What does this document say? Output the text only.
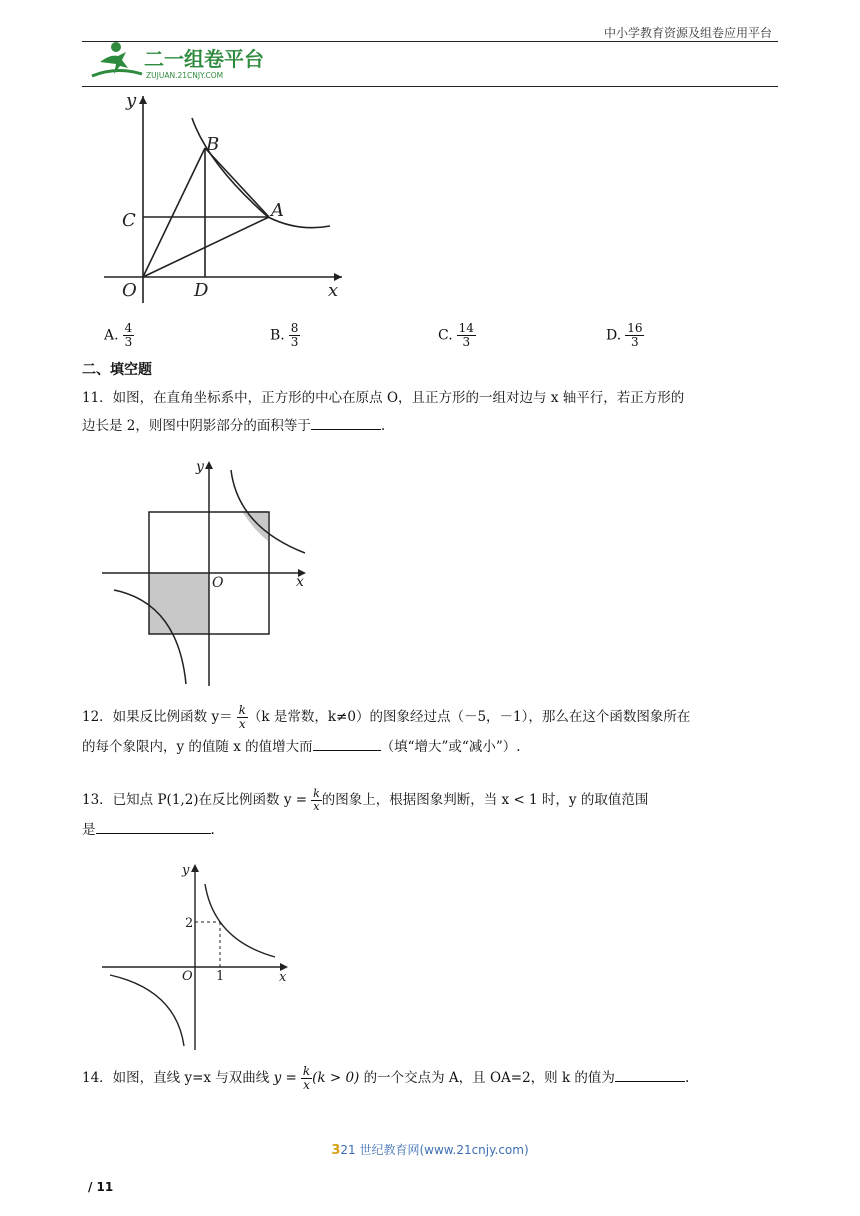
中小学教育资源及组卷应用平台
二一组卷平台
ZUJUAN.21CNJY.COM
y
x
B
A
C
O	D
A. $\frac{4}{3}$	B. $\frac{8}{3}$	C. $\frac{14}{3}$	D. $\frac{16}{3}$
二、填空题
11．如图，在直角坐标系中，正方形的中心在原点 O，且正方形的一组对边与 x 轴平行，若正方形的
边长是 2，则图中阴影部分的面积等于	.
y
x
O
12．如果反比例函数 $y= \frac{k}{x} (k$ 是常数，k≠0）的图象经过点（－5，－1），那么在这个函数图象所在
的每个象限内，y 的值随 x 的值增大而	（填“增大”或“减小”）.
13．已知点 P(1,2)在反比例函数 $y = \frac{k}{x}$ 的图象上，根据图象判断，当 x < 1 时，y 的取值范围
是	.
y
x
O
2
1
14．如图，直线 y=x 与双曲线 $y = \frac{k}{x} (k > 0)$ 的一个交点为 A，且 OA=2，则 k 的值为	.
321 世纪教育网(www.21cnjy.com)
/ 11
